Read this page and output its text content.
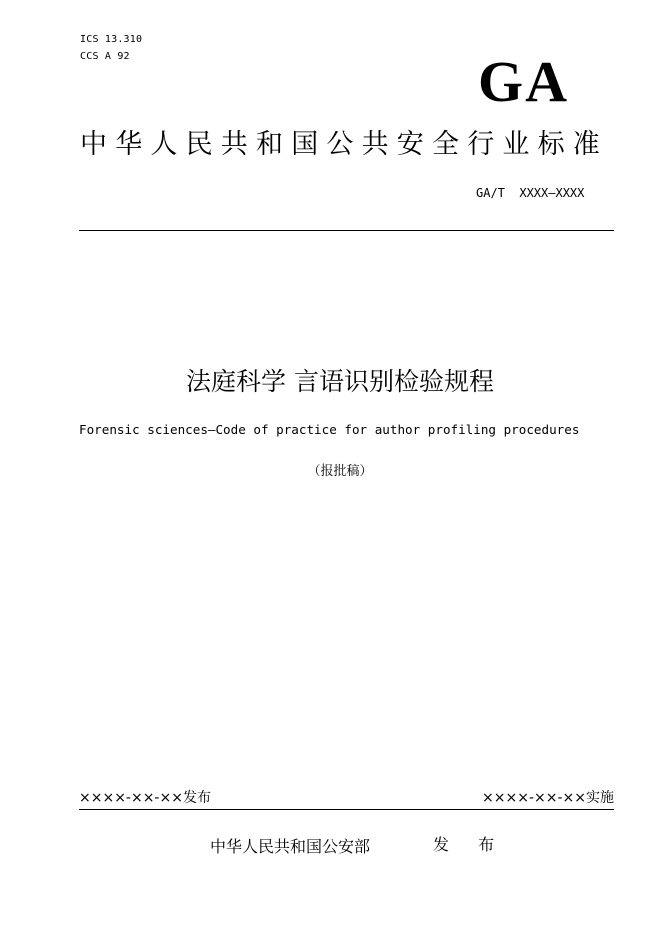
ICS 13.310
CCS A 92	GA
中华人民共和国公共安全行业标准
GA/T  XXXX—XXXX
法庭科学 言语识别检验规程
Forensic sciences—Code of practice for author profiling procedures
（报批稿）
××××-××-××发布	××××-××-××实施
中华人民共和国公安部	发 布
